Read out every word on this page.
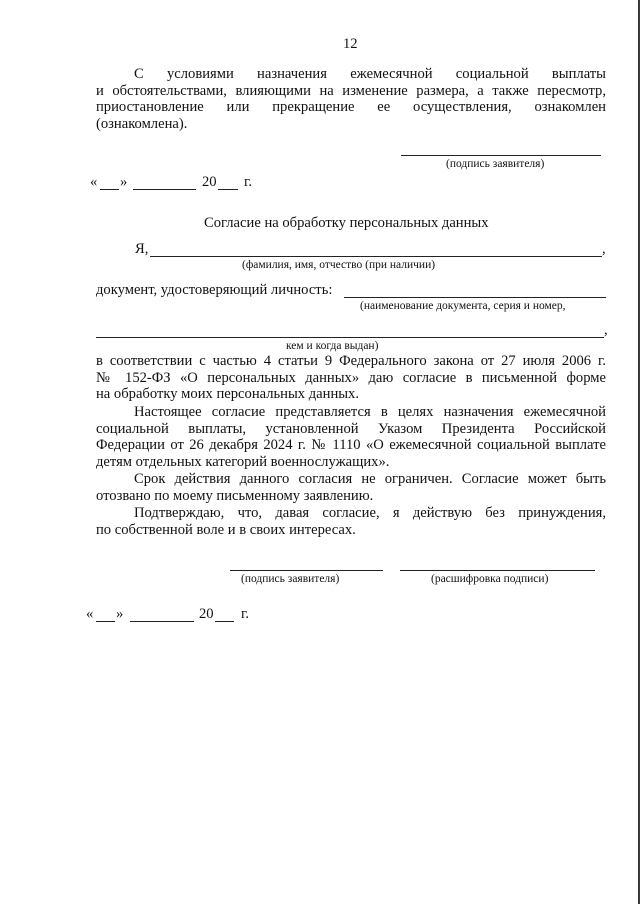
12

С условиями назначения ежемесячной социальной выплаты

и обстоятельствами, влияющими на изменение размера, а также пересмотр,

приостановление или прекращение ее осуществления, ознакомлен

(ознакомлена).

(подпись заявителя)
« »	20 г.
Согласие на обработку персональных данных
Я,	,
(фамилия, имя, отчество (при наличии)
документ, удостоверяющий личность:
(наименование документа, серия и номер,
,
кем и когда выдан)

в соответствии с частью 4 статьи 9 Федерального закона от 27 июля 2006 г.

№ 152-ФЗ «О персональных данных» даю согласие в письменной форме

на обработку моих персональных данных.

Настоящее согласие представляется в целях назначения ежемесячной

социальной выплаты, установленной Указом Президента Российской

Федерации от 26 декабря 2024 г. № 1110 «О ежемесячной социальной выплате

детям отдельных категорий военнослужащих».

Срок действия данного согласия не ограничен. Согласие может быть

отозвано по моему письменному заявлению.

Подтверждаю, что, давая согласие, я действую без принуждения,

по собственной воле и в своих интересах.

(подпись заявителя)	(расшифровка подписи)
« »	20 г.
